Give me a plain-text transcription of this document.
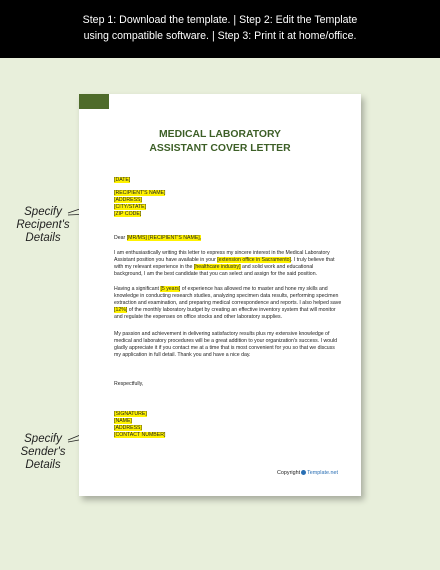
Step 1: Download the template. | Step 2: Edit the Template
using compatible software. | Step 3: Print it at home/office.
Specify
Recipent's
Details
Specify
Sender's
Details
MEDICAL LABORATORY
ASSISTANT COVER LETTER
[DATE]
[RECIPIENT'S NAME]
[ADDRESS]
[CITY/STATE]
[ZIP CODE]
Dear [MR/MS] [RECIPIENT'S NAME],
I am enthusiastically writing this letter to express my sincere interest in the Medical Laboratory Assistant position you have available in your [extension office in Sacramento]. I truly believe that with my relevant experience in the [healthcare industry] and solid work and educational background, I am the best candidate that you can select and assign for the said position.
Having a significant [5 years] of experience has allowed me to master and hone my skills and knowledge in conducting research studies, analyzing specimen data results, performing specimen extraction and examination, and preparing medical correspondence and reports. I also helped save [12%] of the monthly laboratory budget by creating an effective inventory system that will monitor and regulate the expenses on office stocks and other laboratory supplies.
My passion and achievement in delivering satisfactory results plus my extensive knowledge of medical and laboratory procedures will be a great addition to your organization's success. I would gladly appreciate it if you contact me at a time that is most convenient for you so that we discuss my application in full detail. Thank you and have a nice day.
Respectfully,
[SIGNATURE]
[NAME]
[ADDRESS]
[CONTACT NUMBER]
Copyright Template.net
